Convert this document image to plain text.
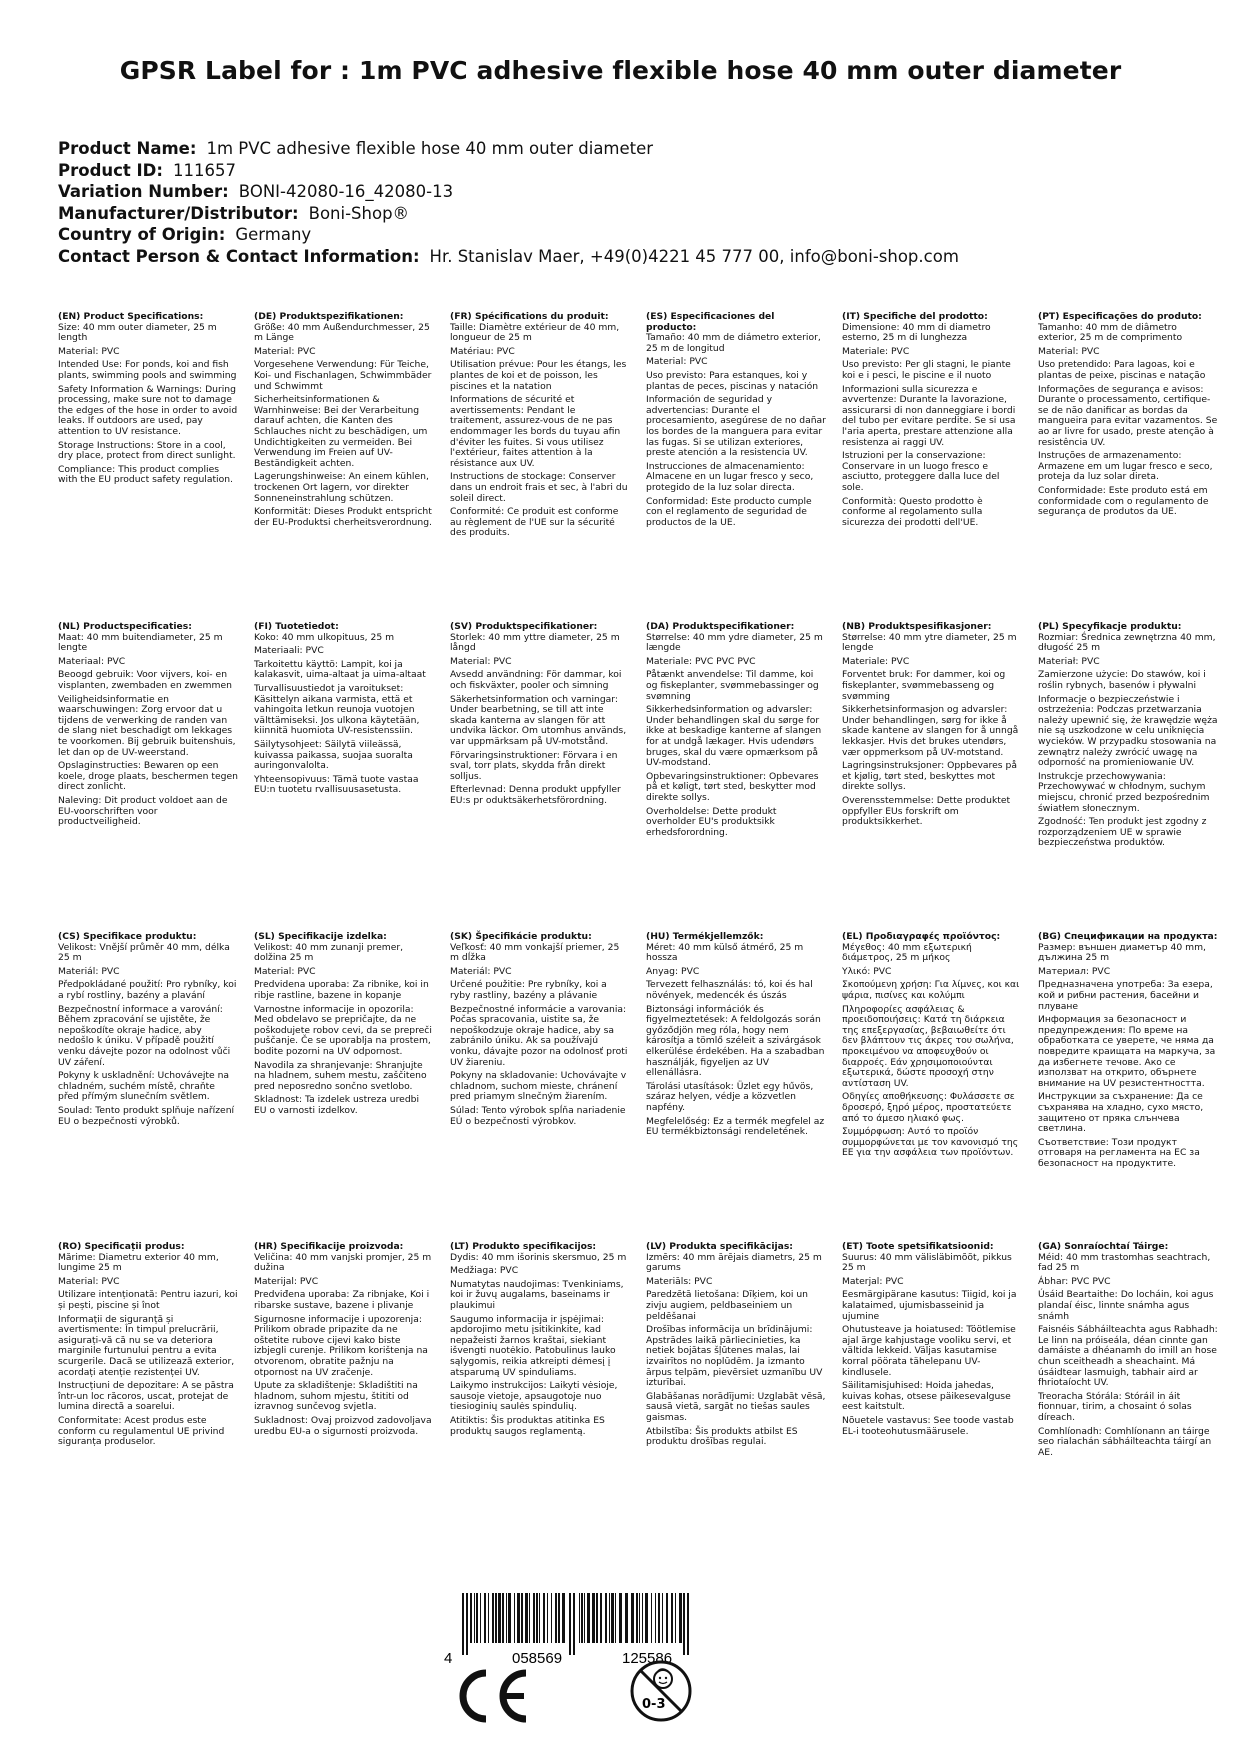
GPSR Label for : 1m PVC adhesive flexible hose 40 mm outer diameter
Product Name: 1m PVC adhesive flexible hose 40 mm outer diameter
Product ID: 111657
Variation Number: BONI-42080-16_42080-13
Manufacturer/Distributor: Boni-Shop®
Country of Origin: Germany
Contact Person & Contact Information: Hr. Stanislav Maer, +49(0)4221 45 777 00, info@boni-shop.com
(EN) Product Specifications:

Size: 40 mm outer diameter, 25 m length

Material: PVC

Intended Use: For ponds, koi and fish plants, swimming pools and swimming

Safety Information & Warnings: During processing, make sure not to damage the edges of the hose in order to avoid leaks. If outdoors are used, pay attention to UV resistance.

Storage Instructions: Store in a cool, dry place, protect from direct sunlight.

Compliance: This product complies with the EU product safety regulation.

(DE) Produktspezifikationen:

Größe: 40 mm Außendurchmesser, 25 m Länge

Material: PVC

Vorgesehene Verwendung: Für Teiche, Koi- und Fischanlagen, Schwimmbäder und Schwimmt

Sicherheitsinformationen & Warnhinweise: Bei der Verarbeitung darauf achten, die Kanten des Schlauches nicht zu beschädigen, um Undichtigkeiten zu vermeiden. Bei Verwendung im Freien auf UV-Beständigkeit achten.

Lagerungshinweise: An einem kühlen, trockenen Ort lagern, vor direkter Sonneneinstrahlung schützen.

Konformität: Dieses Produkt entspricht der EU-Produktsi cherheitsverordnung.

(FR) Spécifications du produit:

Taille: Diamètre extérieur de 40 mm, longueur de 25 m

Matériau: PVC

Utilisation prévue: Pour les étangs, les plantes de koi et de poisson, les piscines et la natation

Informations de sécurité et avertissements: Pendant le traitement, assurez-vous de ne pas endommager les bords du tuyau afin d'éviter les fuites. Si vous utilisez l'extérieur, faites attention à la résistance aux UV.

Instructions de stockage: Conserver dans un endroit frais et sec, à l'abri du soleil direct.

Conformité: Ce produit est conforme au règlement de l'UE sur la sécurité des produits.

(ES) Especificaciones del producto:

Tamaño: 40 mm de diámetro exterior, 25 m de longitud

Material: PVC

Uso previsto: Para estanques, koi y plantas de peces, piscinas y natación

Información de seguridad y advertencias: Durante el procesamiento, asegúrese de no dañar los bordes de la manguera para evitar las fugas. Si se utilizan exteriores, preste atención a la resistencia UV.

Instrucciones de almacenamiento: Almacene en un lugar fresco y seco, protegido de la luz solar directa.

Conformidad: Este producto cumple con el reglamento de seguridad de productos de la UE.

(IT) Specifiche del prodotto:

Dimensione: 40 mm di diametro esterno, 25 m di lunghezza

Materiale: PVC

Uso previsto: Per gli stagni, le piante koi e i pesci, le piscine e il nuoto

Informazioni sulla sicurezza e avvertenze: Durante la lavorazione, assicurarsi di non danneggiare i bordi del tubo per evitare perdite. Se si usa l'aria aperta, prestare attenzione alla resistenza ai raggi UV.

Istruzioni per la conservazione: Conservare in un luogo fresco e asciutto, proteggere dalla luce del sole.

Conformità: Questo prodotto è conforme al regolamento sulla sicurezza dei prodotti dell'UE.

(PT) Especificações do produto:

Tamanho: 40 mm de diâmetro exterior, 25 m de comprimento

Material: PVC

Uso pretendido: Para lagoas, koi e plantas de peixe, piscinas e natação

Informações de segurança e avisos: Durante o processamento, certifique-se de não danificar as bordas da mangueira para evitar vazamentos. Se ao ar livre for usado, preste atenção à resistência UV.

Instruções de armazenamento: Armazene em um lugar fresco e seco, proteja da luz solar direta.

Conformidade: Este produto está em conformidade com o regulamento de segurança de produtos da UE.

(NL) Productspecificaties:

Maat: 40 mm buitendiameter, 25 m lengte

Materiaal: PVC

Beoogd gebruik: Voor vijvers, koi- en visplanten, zwembaden en zwemmen

Veiligheidsinformatie en waarschuwingen: Zorg ervoor dat u tijdens de verwerking de randen van de slang niet beschadigt om lekkages te voorkomen. Bij gebruik buitenshuis, let dan op de UV-weerstand.

Opslaginstructies: Bewaren op een koele, droge plaats, beschermen tegen direct zonlicht.

Naleving: Dit product voldoet aan de EU-voorschriften voor productveiligheid.

(FI) Tuotetiedot:

Koko: 40 mm ulkopituus, 25 m

Materiaali: PVC

Tarkoitettu käyttö: Lampit, koi ja kalakasvit, uima-altaat ja uima-altaat

Turvallisuustiedot ja varoitukset: Käsittelyn aikana varmista, että et vahingoita letkun reunoja vuotojen välttämiseksi. Jos ulkona käytetään, kiinnitä huomiota UV-resistenssiin.

Säilytysohjeet: Säilytä viileässä, kuivassa paikassa, suojaa suoralta auringonvalolta.

Yhteensopivuus: Tämä tuote vastaa EU:n tuotetu rvallisuusasetusta.

(SV) Produktspecifikationer:

Storlek: 40 mm yttre diameter, 25 m långd

Material: PVC

Avsedd användning: För dammar, koi och fiskväxter, pooler och simning

Säkerhetsinformation och varningar: Under bearbetning, se till att inte skada kanterna av slangen för att undvika läckor. Om utomhus används, var uppmärksam på UV-motstånd.

Förvaringsinstruktioner: Förvara i en sval, torr plats, skydda från direkt solljus.

Efterlevnad: Denna produkt uppfyller EU:s pr oduktsäkerhetsförordning.

(DA) Produktspecifikationer:

Størrelse: 40 mm ydre diameter, 25 m længde

Materiale: PVC PVC PVC

Påtænkt anvendelse: Til damme, koi og fiskeplanter, svømmebassinger og svømning

Sikkerhedsinformation og advarsler: Under behandlingen skal du sørge for ikke at beskadige kanterne af slangen for at undgå lækager. Hvis udendørs bruges, skal du være opmærksom på UV-modstand.

Opbevaringsinstruktioner: Opbevares på et køligt, tørt sted, beskytter mod direkte sollys.

Overholdelse: Dette produkt overholder EU's produktsikk erhedsforordning.

(NB) Produktspesifikasjoner:

Størrelse: 40 mm ytre diameter, 25 m lengde

Materiale: PVC

Forventet bruk: For dammer, koi og fiskeplanter, svømmebasseng og svømming

Sikkerhetsinformasjon og advarsler: Under behandlingen, sørg for ikke å skade kantene av slangen for å unngå lekkasjer. Hvis det brukes utendørs, vær oppmerksom på UV-motstand.

Lagringsinstruksjoner: Oppbevares på et kjølig, tørt sted, beskyttes mot direkte sollys.

Overensstemmelse: Dette produktet oppfyller EUs forskrift om produktsikkerhet.

(PL) Specyfikacje produktu:

Rozmiar: Średnica zewnętrzna 40 mm, długość 25 m

Materiał: PVC

Zamierzone użycie: Do stawów, koi i roślin rybnych, basenów i pływalni

Informacje o bezpieczeństwie i ostrzeżenia: Podczas przetwarzania należy upewnić się, że krawędzie węża nie są uszkodzone w celu uniknięcia wycieków. W przypadku stosowania na zewnątrz należy zwrócić uwagę na odporność na promieniowanie UV.

Instrukcje przechowywania: Przechowywać w chłodnym, suchym miejscu, chronić przed bezpośrednim światłem słonecznym.

Zgodność: Ten produkt jest zgodny z rozporządzeniem UE w sprawie bezpieczeństwa produktów.

(CS) Specifikace produktu:

Velikost: Vnější průměr 40 mm, délka 25 m

Materiál: PVC

Předpokládané použití: Pro rybníky, koi a rybí rostliny, bazény a plavání

Bezpečnostní informace a varování: Během zpracování se ujistěte, že nepoškodíte okraje hadice, aby nedošlo k úniku. V případě použití venku dávejte pozor na odolnost vůči UV záření.

Pokyny k uskladnění: Uchovávejte na chladném, suchém místě, chraňte před přímým slunečním světlem.

Soulad: Tento produkt splňuje nařízení EU o bezpečnosti výrobků.

(SL) Specifikacije izdelka:

Velikost: 40 mm zunanji premer, dolžina 25 m

Material: PVC

Predvidena uporaba: Za ribnike, koi in ribje rastline, bazene in kopanje

Varnostne informacije in opozorila: Med obdelavo se prepričajte, da ne poškodujete robov cevi, da se prepreči puščanje. Če se uporablja na prostem, bodite pozorni na UV odpornost.

Navodila za shranjevanje: Shranjujte na hladnem, suhem mestu, zaščiteno pred neposredno sončno svetlobo.

Skladnost: Ta izdelek ustreza uredbi EU o varnosti izdelkov.

(SK) Špecifikácie produktu:

Veľkosť: 40 mm vonkajší priemer, 25 m dĺžka

Materiál: PVC

Určené použitie: Pre rybníky, koi a ryby rastliny, bazény a plávanie

Bezpečnostné informácie a varovania: Počas spracovania, uistite sa, že nepoškodzuje okraje hadice, aby sa zabránilo úniku. Ak sa používajú vonku, dávajte pozor na odolnosť proti UV žiareniu.

Pokyny na skladovanie: Uchovávajte v chladnom, suchom mieste, chránení pred priamym slnečným žiarením.

Súlad: Tento výrobok spĺňa nariadenie EÚ o bezpečnosti výrobkov.

(HU) Termékjellemzők:

Méret: 40 mm külső átmérő, 25 m hossza

Anyag: PVC

Tervezett felhasználás: tó, koi és hal növények, medencék és úszás

Biztonsági információk és figyelmeztetések: A feldolgozás során győződjön meg róla, hogy nem károsítja a tömlő széleit a szivárgások elkerülése érdekében. Ha a szabadban használják, figyeljen az UV ellenállásra.

Tárolási utasítások: Üzlet egy hűvös, száraz helyen, védje a közvetlen napfény.

Megfelelőség: Ez a termék megfelel az EU termékbiztonsági rendeletének.

(EL) Προδιαγραφές προϊόντος:

Μέγεθος: 40 mm εξωτερική διάμετρος, 25 m μήκος

Υλικό: PVC

Σκοπούμενη χρήση: Για λίμνες, κοι και ψάρια, πισίνες και κολύμπι

Πληροφορίες ασφάλειας & προειδοποιήσεις: Κατά τη διάρκεια της επεξεργασίας, βεβαιωθείτε ότι δεν βλάπτουν τις άκρες του σωλήνα, προκειμένου να αποφευχθούν οι διαρροές. Εάν χρησιμοποιούνται εξωτερικά, δώστε προσοχή στην αντίσταση UV.

Οδηγίες αποθήκευσης: Φυλάσσετε σε δροσερό, ξηρό μέρος, προστατεύετε από το άμεσο ηλιακό φως.

Συμμόρφωση: Αυτό το προϊόν συμμορφώνεται με τον κανονισμό της ΕΕ για την ασφάλεια των προϊόντων.

(BG) Спецификации на продукта:

Размер: външен диаметър 40 mm, дължина 25 m

Материал: PVC

Предназначена употреба: За езера, кой и рибни растения, басейни и плуване

Информация за безопасност и предупреждения: По време на обработката се уверете, че няма да повредите краищата на маркуча, за да избегнете течове. Ако се използват на открито, обърнете внимание на UV резистентността.

Инструкции за съхранение: Да се съхранява на хладно, сухо място, защитено от пряка слънчева светлина.

Съответствие: Този продукт отговаря на регламента на ЕС за безопасност на продуктите.

(RO) Specificații produs:

Mărime: Diametru exterior 40 mm, lungime 25 m

Material: PVC

Utilizare intenționată: Pentru iazuri, koi și pești, piscine și înot

Informații de siguranță și avertismente: În timpul prelucrării, asigurați-vă că nu se va deteriora marginile furtunului pentru a evita scurgerile. Dacă se utilizează exterior, acordați atenție rezistenței UV.

Instrucțiuni de depozitare: A se păstra într-un loc răcoros, uscat, protejat de lumina directă a soarelui.

Conformitate: Acest produs este conform cu regulamentul UE privind siguranța produselor.

(HR) Specifikacije proizvoda:

Veličina: 40 mm vanjski promjer, 25 m dužina

Materijal: PVC

Predviđena uporaba: Za ribnjake, Koi i ribarske sustave, bazene i plivanje

Sigurnosne informacije i upozorenja: Prilikom obrade pripazite da ne oštetite rubove cijevi kako biste izbjegli curenje. Prilikom korištenja na otvorenom, obratite pažnju na otpornost na UV zračenje.

Upute za skladištenje: Skladištiti na hladnom, suhom mjestu, štititi od izravnog sunčevog svjetla.

Sukladnost: Ovaj proizvod zadovoljava uredbu EU-a o sigurnosti proizvoda.

(LT) Produkto specifikacijos:

Dydis: 40 mm išorinis skersmuo, 25 m

Medžiaga: PVC

Numatytas naudojimas: Tvenkiniams, koi ir žuvų augalams, baseinams ir plaukimui

Saugumo informacija ir įspėjimai: apdorojimo metu įsitikinkite, kad nepažeisti žarnos kraštai, siekiant išvengti nuotėkio. Patobulinus lauko sąlygomis, reikia atkreipti dėmesį į atsparumą UV spinduliams.

Laikymo instrukcijos: Laikyti vėsioje, sausoje vietoje, apsaugotoje nuo tiesioginių saulės spindulių.

Atitiktis: Šis produktas atitinka ES produktų saugos reglamentą.

(LV) Produkta specifikācijas:

Izmērs: 40 mm ārējais diametrs, 25 m garums

Materiāls: PVC

Paredzētā lietošana: Dīķiem, koi un zivju augiem, peldbaseiniem un peldēšanai

Drošības informācija un brīdinājumi: Apstrādes laikā pārliecinieties, ka netiek bojātas šļūtenes malas, lai izvairītos no noplūdēm. Ja izmanto ārpus telpām, pievērsiet uzmanību UV izturībai.

Glabāšanas norādījumi: Uzglabāt vēsā, sausā vietā, sargāt no tiešas saules gaismas.

Atbilstība: Šis produkts atbilst ES produktu drošības regulai.

(ET) Toote spetsifikatsioonid:

Suurus: 40 mm välisläbimõõt, pikkus 25 m

Materjal: PVC

Eesmärgipärane kasutus: Tiigid, koi ja kalataimed, ujumisbasseinid ja ujumine

Ohutusteave ja hoiatused: Töötlemise ajal ärge kahjustage vooliku servi, et vältida lekkeid. Väljas kasutamise korral pöörata tähelepanu UV-kindlusele.

Säilitamisjuhised: Hoida jahedas, kuivas kohas, otsese päikesevalguse eest kaitstult.

Nõuetele vastavus: See toode vastab EL-i tooteohutusmäärusele.

(GA) Sonraíochtaí Táirge:

Méid: 40 mm trastomhas seachtrach, fad 25 m

Ábhar: PVC PVC

Úsáid Beartaithe: Do locháin, koi agus plandaí éisc, linnte snámha agus snámh

Faisnéis Sábháilteachta agus Rabhadh: Le linn na próiseála, déan cinnte gan damáiste a dhéanamh do imill an hose chun sceitheadh a sheachaint. Má úsáidtear lasmuigh, tabhair aird ar fhriotaíocht UV.

Treoracha Stórála: Stóráil in áit fionnuar, tirim, a chosaint ó solas díreach.

Comhlíonadh: Comhlíonann an táirge seo rialachán sábháilteachta táirgí an AE.

4	058569	125586
0-3
